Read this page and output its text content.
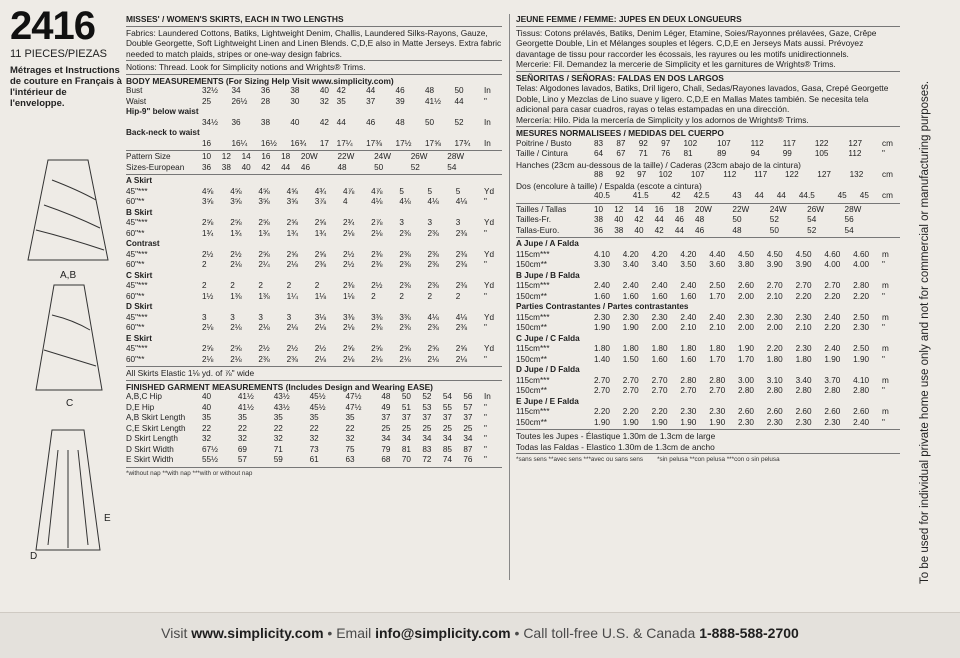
2416
11 PIECES/PIEZAS
Métrages et Instructions de couture en Français à l'intérieur de l'enveloppe.
A,B
C
E
D

MISSES' / WOMEN'S SKIRTS, EACH IN TWO LENGTHS

Fabrics: Laundered Cottons, Batiks, Lightweight Denim, Challis, Laundered Silks-Rayons, Gauze, Double Georgette, Soft Lightweight Linen and Linen Blends. C,D,E also in Matte Jerseys. Extra fabric needed to match plaids, stripes or one-way design fabrics.

Notions: Thread. Look for Simplicity notions and Wrights® Trims.

BODY MEASUREMENTS (For Sizing Help Visit www.simplicity.com)

Bust	32½	34	36	38	40	42	44	46	48	50	In
Waist	25	26½	28	30	32	35	37	39	41½	44	"
Hip-9" below waist											
	34½	36	38	40	42	44	46	48	50	52	In
Back-neck to waist											
	16	16¼	16½	16¾	17	17¼	17⅜	17½	17⅝	17¾	In
Pattern Size	10	12	14	16	18	20W	22W	24W	26W	28W	
Sizes-European	36	38	40	42	44	46	48	50	52	54	
A Skirt											
45"***	4⅝	4⅝	4⅝	4⅝	4¾	4⅞	4⅞	5	5	5	Yd
60"**	3⅝	3⅝	3⅝	3⅝	3⅞	4	4⅛	4⅛	4⅛	4⅛	"
B Skirt											
45"***	2⅝	2⅝	2⅝	2⅝	2⅝	2¾	2⅞	3	3	3	Yd
60"**	1¾	1¾	1¾	1¾	1¾	2⅛	2⅛	2⅜	2⅜	2⅜	"
Contrast											
45"***	2½	2½	2⅝	2⅝	2⅝	2½	2⅜	2⅜	2⅜	2⅜	Yd
60"**	2	2⅛	2¼	2⅛	2⅜	2½	2⅜	2⅜	2⅜	2⅜	"
C Skirt											
45"***	2	2	2	2	2	2⅜	2½	2⅜	2⅜	2⅜	Yd
60"**	1½	1⅜	1⅜	1¼	1⅛	1⅛	2	2	2	2	"
D Skirt											
45"***	3	3	3	3	3⅛	3⅜	3⅜	3⅜	4⅛	4⅛	Yd
60"**	2⅛	2⅛	2⅛	2⅛	2⅛	2⅛	2⅜	2⅜	2⅜	2⅜	"
E Skirt											
45"***	2⅝	2⅝	2½	2½	2½	2⅝	2⅝	2⅝	2⅝	2⅝	Yd
60"**	2⅛	2⅛	2⅜	2⅜	2⅛	2⅛	2⅛	2⅛	2⅛	2⅛	"

All Skirts Elastic 1⅛ yd. of ⅞" wide

FINISHED GARMENT MEASUREMENTS (Includes Design and Wearing EASE)

A,B,C Hip	40	41½	43½	45½	47½	48	50	52	54	56	In
D,E Hip	40	41½	43½	45½	47½	49	51	53	55	57	"
A,B Skirt Length	35	35	35	35	35	37	37	37	37	37	"
C,E Skirt Length	22	22	22	22	22	25	25	25	25	25	"
D Skirt Length	32	32	32	32	32	34	34	34	34	34	"
D Skirt Width	67½	69	71	73	75	79	81	83	85	87	"
E Skirt Width	55½	57	59	61	63	68	70	72	74	76	"

*without nap **with nap ***with or without nap

JEUNE FEMME / FEMME: JUPES EN DEUX LONGUEURS

Tissus: Cotons prélavés, Batiks, Denim Léger, Etamine, Soies/Rayonnes prélavées, Gaze, Crêpe Georgette Double, Lin et Mélanges souples et légers. C,D,E en Jerseys Mats aussi. Prévoyez davantage de tissu pour raccorder les écossais, les rayures ou les motifs unidirectionnels.

Mercerie: Fil. Demandez la mercerie de Simplicity et les garnitures de Wrights® Trims.

SEÑORITAS / SEÑORAS: FALDAS EN DOS LARGOS

Telas: Algodones lavados, Batiks, Dril ligero, Chali, Sedas/Rayones lavados, Gasa, Crepé Georgette Doble, Lino y Mezclas de Lino suave y ligero. C,D,E en Mallas Mates también. Se necesita tela adicional para casar cuadros, rayas o telas estampadas en una dirección.

Mercería: Hilo. Pida la mercería de Simplicity y los adornos de Wrights® Trims.

MESURES NORMALISEES / MEDIDAS DEL CUERPO

Poitrine / Busto	83	87	92	97	102	107	112	117	122	127	cm
Taille / Cintura	64	67	71	76	81	89	94	99	105	112	"

Hanches (23cm au-dessous de la taille) / Caderas (23cm abajo de la cintura)

	88	92	97	102	107	112	117	122	127	132	cm

Dos (encolure à taille) / Espalda (escote a cintura)

	40.5	41.5	42	42.5	43	44	44	44.5	45	45	cm
Tailles / Tallas	10	12	14	16	18	20W	22W	24W	26W	28W	
Tailles-Fr.	38	40	42	44	46	48	50	52	54	56	
Tallas-Euro.	36	38	40	42	44	46	48	50	52	54	
A Jupe / A Falda											
115cm***	4.10	4.20	4.20	4.20	4.40	4.50	4.50	4.50	4.60	4.60	m
150cm**	3.30	3.40	3.40	3.50	3.60	3.80	3.90	3.90	4.00	4.00	"
B Jupe / B Falda											
115cm***	2.40	2.40	2.40	2.40	2.50	2.60	2.70	2.70	2.70	2.80	m
150cm**	1.60	1.60	1.60	1.60	1.70	2.00	2.10	2.20	2.20	2.20	"
Parties Contrastantes / Partes contrastantes											
115cm***	2.30	2.30	2.30	2.40	2.40	2.30	2.30	2.30	2.40	2.50	m
150cm**	1.90	1.90	2.00	2.10	2.10	2.00	2.00	2.10	2.20	2.30	"
C Jupe / C Falda											
115cm***	1.80	1.80	1.80	1.80	1.80	1.90	2.20	2.30	2.40	2.50	m
150cm**	1.40	1.50	1.60	1.60	1.70	1.70	1.80	1.80	1.90	1.90	"
D Jupe / D Falda											
115cm***	2.70	2.70	2.70	2.80	2.80	3.00	3.10	3.40	3.70	4.10	m
150cm**	2.70	2.70	2.70	2.70	2.70	2.80	2.80	2.80	2.80	2.80	"
E Jupe / E Falda											
115cm***	2.20	2.20	2.20	2.30	2.30	2.60	2.60	2.60	2.60	2.60	m
150cm**	1.90	1.90	1.90	1.90	1.90	2.30	2.30	2.30	2.30	2.40	"

Toutes les Jupes - Élastique 1.30m de 1.3cm de large

Todas las Faldas - Elastico 1.30m de 1.3cm de ancho

*sans sens **avec sens ***avec ou sans sens *sin pelusa **con pelusa ***con o sin pelusa	To be used for individual private home use only and not for commercial or manufacturing purposes.
Visit www.simplicity.com • Email info@simplicity.com • Call toll-free U.S. & Canada 1-888-588-2700
